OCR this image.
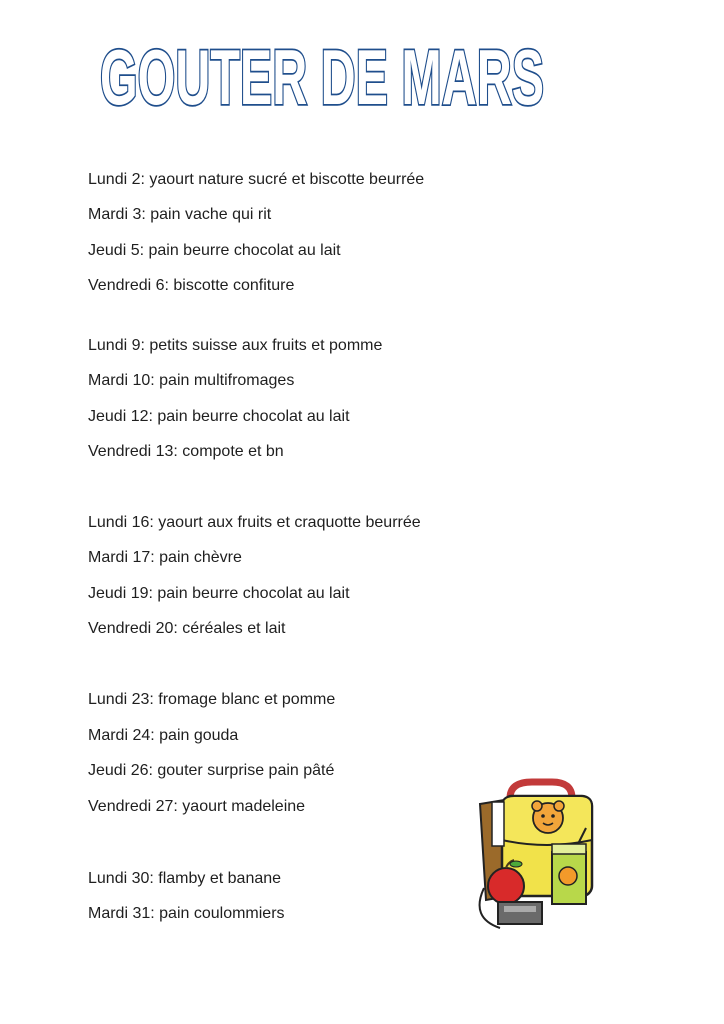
GOUTER DE MARS
Lundi 2: yaourt nature sucré et biscotte beurrée
Mardi 3: pain vache qui rit
Jeudi 5: pain beurre chocolat au lait
Vendredi 6: biscotte confiture
Lundi 9: petits suisse aux fruits et pomme
Mardi 10: pain multifromages
Jeudi 12: pain beurre chocolat au lait
Vendredi 13: compote et bn
Lundi 16: yaourt aux fruits et craquotte beurrée
Mardi 17: pain chèvre
Jeudi 19: pain beurre chocolat au lait
Vendredi 20: céréales et lait
Lundi 23: fromage blanc et pomme
Mardi 24: pain gouda
Jeudi 26: gouter surprise pain pâté
Vendredi 27: yaourt madeleine
Lundi 30: flamby et banane
Mardi 31: pain coulommiers
